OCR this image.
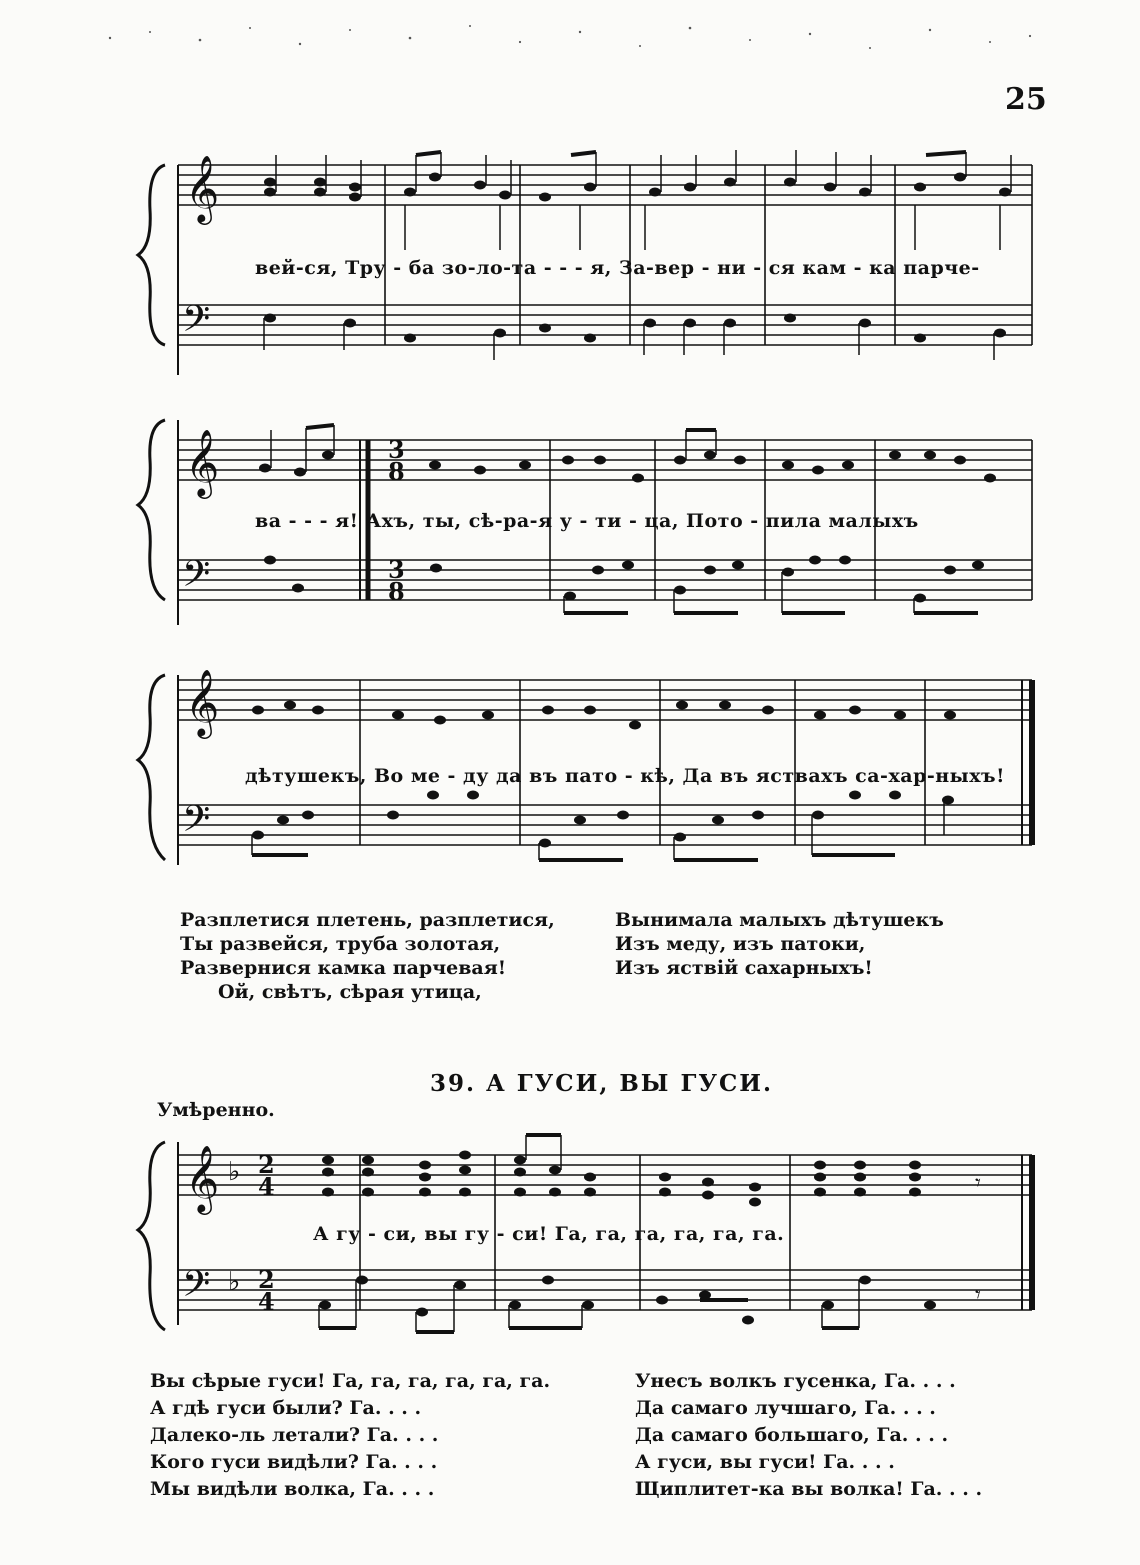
25
𝄞
𝄢
вей-ся, Тру - ба зо-ло-та - - - я, За-вер - ни - ся кам - ка парче-
𝄞
𝄢
3
8
3
8
ва - - - я! Ахъ, ты, сѣ-ра-я у - ти - ца, Пото - пила малыхъ
𝄞
𝄢
дѣтушекъ, Во ме - ду да въ пато - кѣ, Да въ яствахъ са-хар-ныхъ!
Разплетися плетень, разплетися,
Ты развейся, труба золотая,
Развернися камка парчевая!
Ой, свѣтъ, сѣрая утица,
Вынимала малыхъ дѣтушекъ
Изъ меду, изъ патоки,
Изъ яствій сахарныхъ!
39. А ГУСИ, ВЫ ГУСИ.
Умѣренно.
𝄞
𝄢
♭
♭
2
4
2
4
𝄾
𝄾
А гу - си, вы гу - си! Га, га, га, га, га, га.
Вы сѣрые гуси! Га, га, га, га, га, га.
А гдѣ гуси были? Га. . . .
Далеко-ль летали? Га. . . .
Кого гуси видѣли? Га. . . .
Мы видѣли волка, Га. . . .
Унесъ волкъ гусенка, Га. . . .
Да самаго лучшаго, Га. . . .
Да самаго большаго, Га. . . .
А гуси, вы гуси! Га. . . .
Щиплитет-ка вы волка! Га. . . .
